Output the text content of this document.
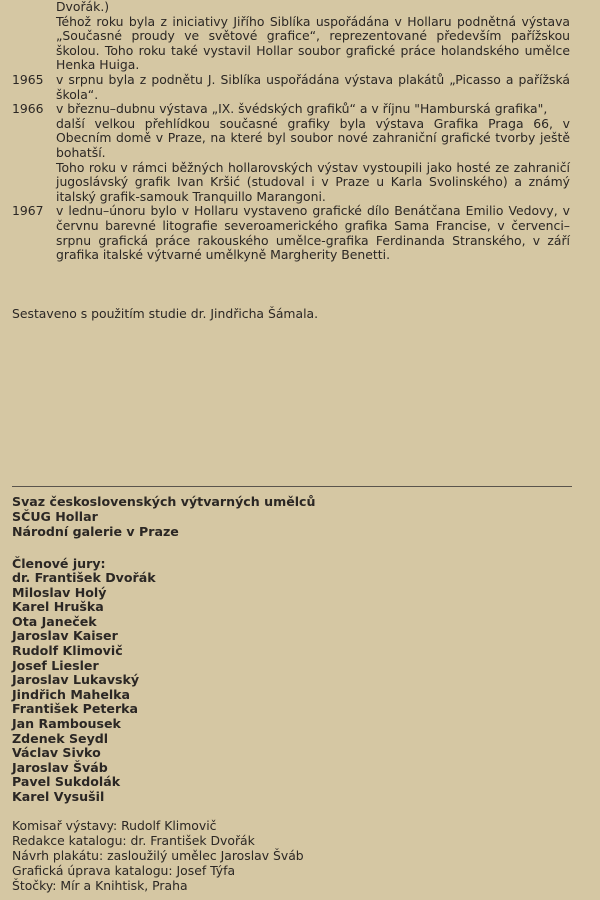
Dvořák.)

Téhož roku byla z iniciativy Jiřího Siblíka uspořádána v Hollaru podnětná výstava „Současné proudy ve světové grafice“, reprezentované především pařížskou školou. Toho roku také vystavil Hollar soubor grafické práce holandského umělce Henka Huiga.

1965 v srpnu byla z podnětu J. Siblíka uspořádána výstava plakátů „Picasso a pařížská škola“.

1966 v březnu–dubnu výstava „IX. švédských grafiků“ a v říjnu "Hamburská grafika",

další velkou přehlídkou současné grafiky byla výstava Grafika Praga 66, v Obecním domě v Praze, na které byl soubor nové zahraniční grafické tvorby ještě bohatší.

Toho roku v rámci běžných hollarovských výstav vystoupili jako hosté ze zahraničí jugoslávský grafik Ivan Kršić (studoval i v Praze u Karla Svolinského) a známý italský grafik-samouk Tranquillo Marangoni.

1967 v lednu–únoru bylo v Hollaru vystaveno grafické dílo Benátčana Emilio Vedovy, v červnu barevné litografie severoamerického grafika Sama Francise, v červenci–srpnu grafická práce rakouského umělce-grafika Ferdinanda Stranského, v září grafika italské výtvarné umělkyně Margherity Benetti.

Sestaveno s použitím studie dr. Jindřicha Šámala.
Svaz československých výtvarných umělců
SČUG Hollar
Národní galerie v Praze
Členové jury:
dr. František Dvořák
Miloslav Holý
Karel Hruška
Ota Janeček
Jaroslav Kaiser
Rudolf Klimovič
Josef Liesler
Jaroslav Lukavský
Jindřich Mahelka
František Peterka
Jan Rambousek
Zdenek Seydl
Václav Sivko
Jaroslav Šváb
Pavel Sukdolák
Karel Vysušil
Komisař výstavy: Rudolf Klimovič
Redakce katalogu: dr. František Dvořák
Návrh plakátu: zasloužilý umělec Jaroslav Šváb
Grafická úprava katalogu: Josef Týfa
Štočky: Mír a Knihtisk, Praha
